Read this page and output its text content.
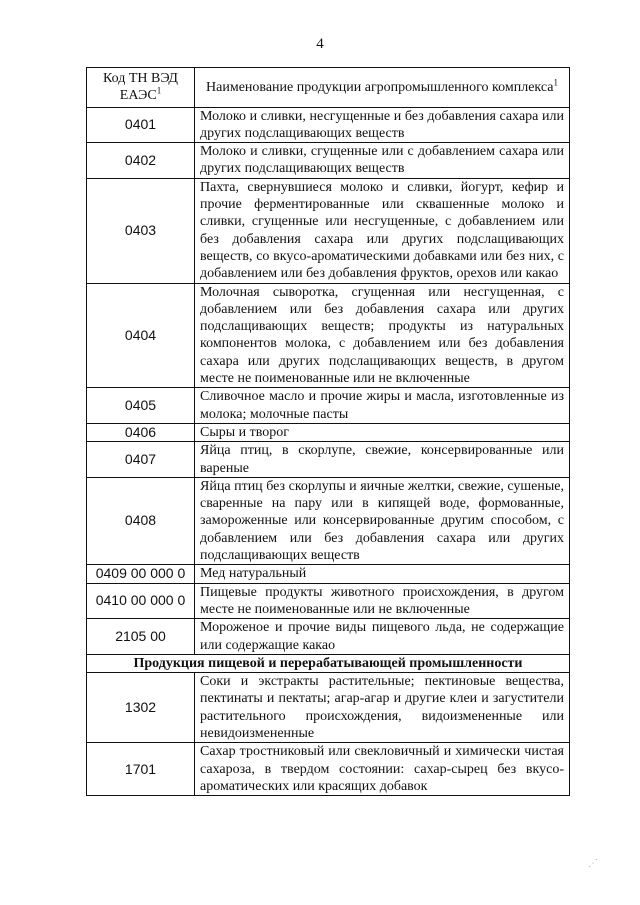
4
Код ТН ВЭД ЕАЭС$^1$	Наименование продукции агропромышленного комплекса$^1$
0401	Молоко и сливки, несгущенные и без добавления сахара или других подслащивающих веществ
0402	Молоко и сливки, сгущенные или с добавлением сахара или других подслащивающих веществ
0403	Пахта, свернувшиеся молоко и сливки, йогурт, кефир и прочие ферментированные или сквашенные молоко и сливки, сгущенные или несгущенные, с добавлением или без добавления сахара или других подслащивающих веществ, со вкусо-ароматическими добавками или без них, с добавлением или без добавления фруктов, орехов или какао
0404	Молочная сыворотка, сгущенная или несгущенная, с добавлением или без добавления сахара или других подслащивающих веществ; продукты из натуральных компонентов молока, с добавлением или без добавления сахара или других подслащивающих веществ, в другом месте не поименованные или не включенные
0405	Сливочное масло и прочие жиры и масла, изготовленные из молока; молочные пасты
0406	Сыры и творог
0407	Яйца птиц, в скорлупе, свежие, консервированные или вареные
0408	Яйца птиц без скорлупы и яичные желтки, свежие, сушеные, сваренные на пару или в кипящей воде, формованные, замороженные или консервированные другим способом, с добавлением или без добавления сахара или других подслащивающих веществ
0409 00 000 0	Мед натуральный
0410 00 000 0	Пищевые продукты животного происхождения, в другом месте не поименованные или не включенные
2105 00	Мороженое и прочие виды пищевого льда, не содержащие или содержащие какао
Продукция пищевой и перерабатывающей промышленности	
1302	Соки и экстракты растительные; пектиновые вещества, пектинаты и пектаты; агар-агар и другие клеи и загустители растительного происхождения, видоизмененные или невидоизмененные
1701	Сахар тростниковый или свекловичный и химически чистая сахароза, в твердом состоянии: сахар-сырец без вкусо-ароматических или красящих добавок
⋰
